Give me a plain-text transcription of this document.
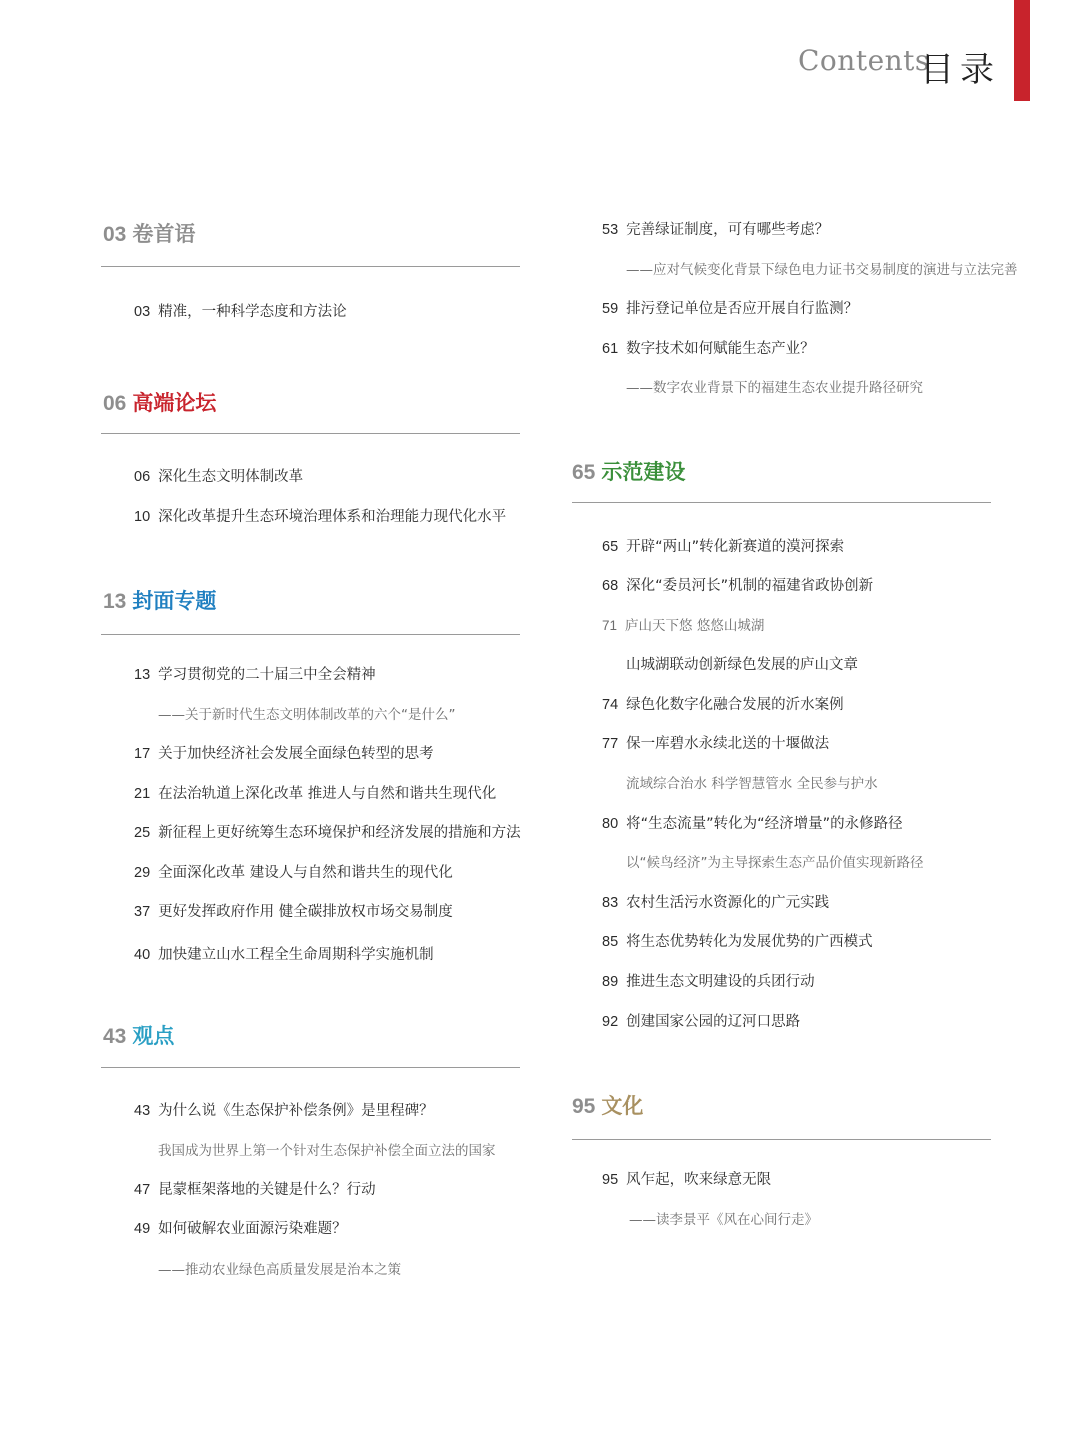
Contents
目录
03 卷首语
03 精准，一种科学态度和方法论
06 高端论坛
06 深化生态文明体制改革
10 深化改革提升生态环境治理体系和治理能力现代化水平
13 封面专题
13 学习贯彻党的二十届三中全会精神
——关于新时代生态文明体制改革的六个“是什么”
17 关于加快经济社会发展全面绿色转型的思考
21 在法治轨道上深化改革 推进人与自然和谐共生现代化
25 新征程上更好统筹生态环境保护和经济发展的措施和方法
29 全面深化改革 建设人与自然和谐共生的现代化
37 更好发挥政府作用 健全碳排放权市场交易制度
40 加快建立山水工程全生命周期科学实施机制
43 观点
43 为什么说《生态保护补偿条例》是里程碑？
我国成为世界上第一个针对生态保护补偿全面立法的国家
47 昆蒙框架落地的关键是什么？行动
49 如何破解农业面源污染难题？
——推动农业绿色高质量发展是治本之策
53 完善绿证制度，可有哪些考虑？
——应对气候变化背景下绿色电力证书交易制度的演进与立法完善
59 排污登记单位是否应开展自行监测？
61 数字技术如何赋能生态产业？
——数字农业背景下的福建生态农业提升路径研究
65 示范建设
65 开辟“两山”转化新赛道的漠河探索
68 深化“委员河长”机制的福建省政协创新
71 庐山天下悠 悠悠山城湖
山城湖联动创新绿色发展的庐山文章
74 绿色化数字化融合发展的沂水案例
77 保一库碧水永续北送的十堰做法
流域综合治水 科学智慧管水 全民参与护水
80 将“生态流量”转化为“经济增量”的永修路径
以“候鸟经济”为主导探索生态产品价值实现新路径
83 农村生活污水资源化的广元实践
85 将生态优势转化为发展优势的广西模式
89 推进生态文明建设的兵团行动
92 创建国家公园的辽河口思路
95 文化
95 风乍起，吹来绿意无限
——读李景平《风在心间行走》
